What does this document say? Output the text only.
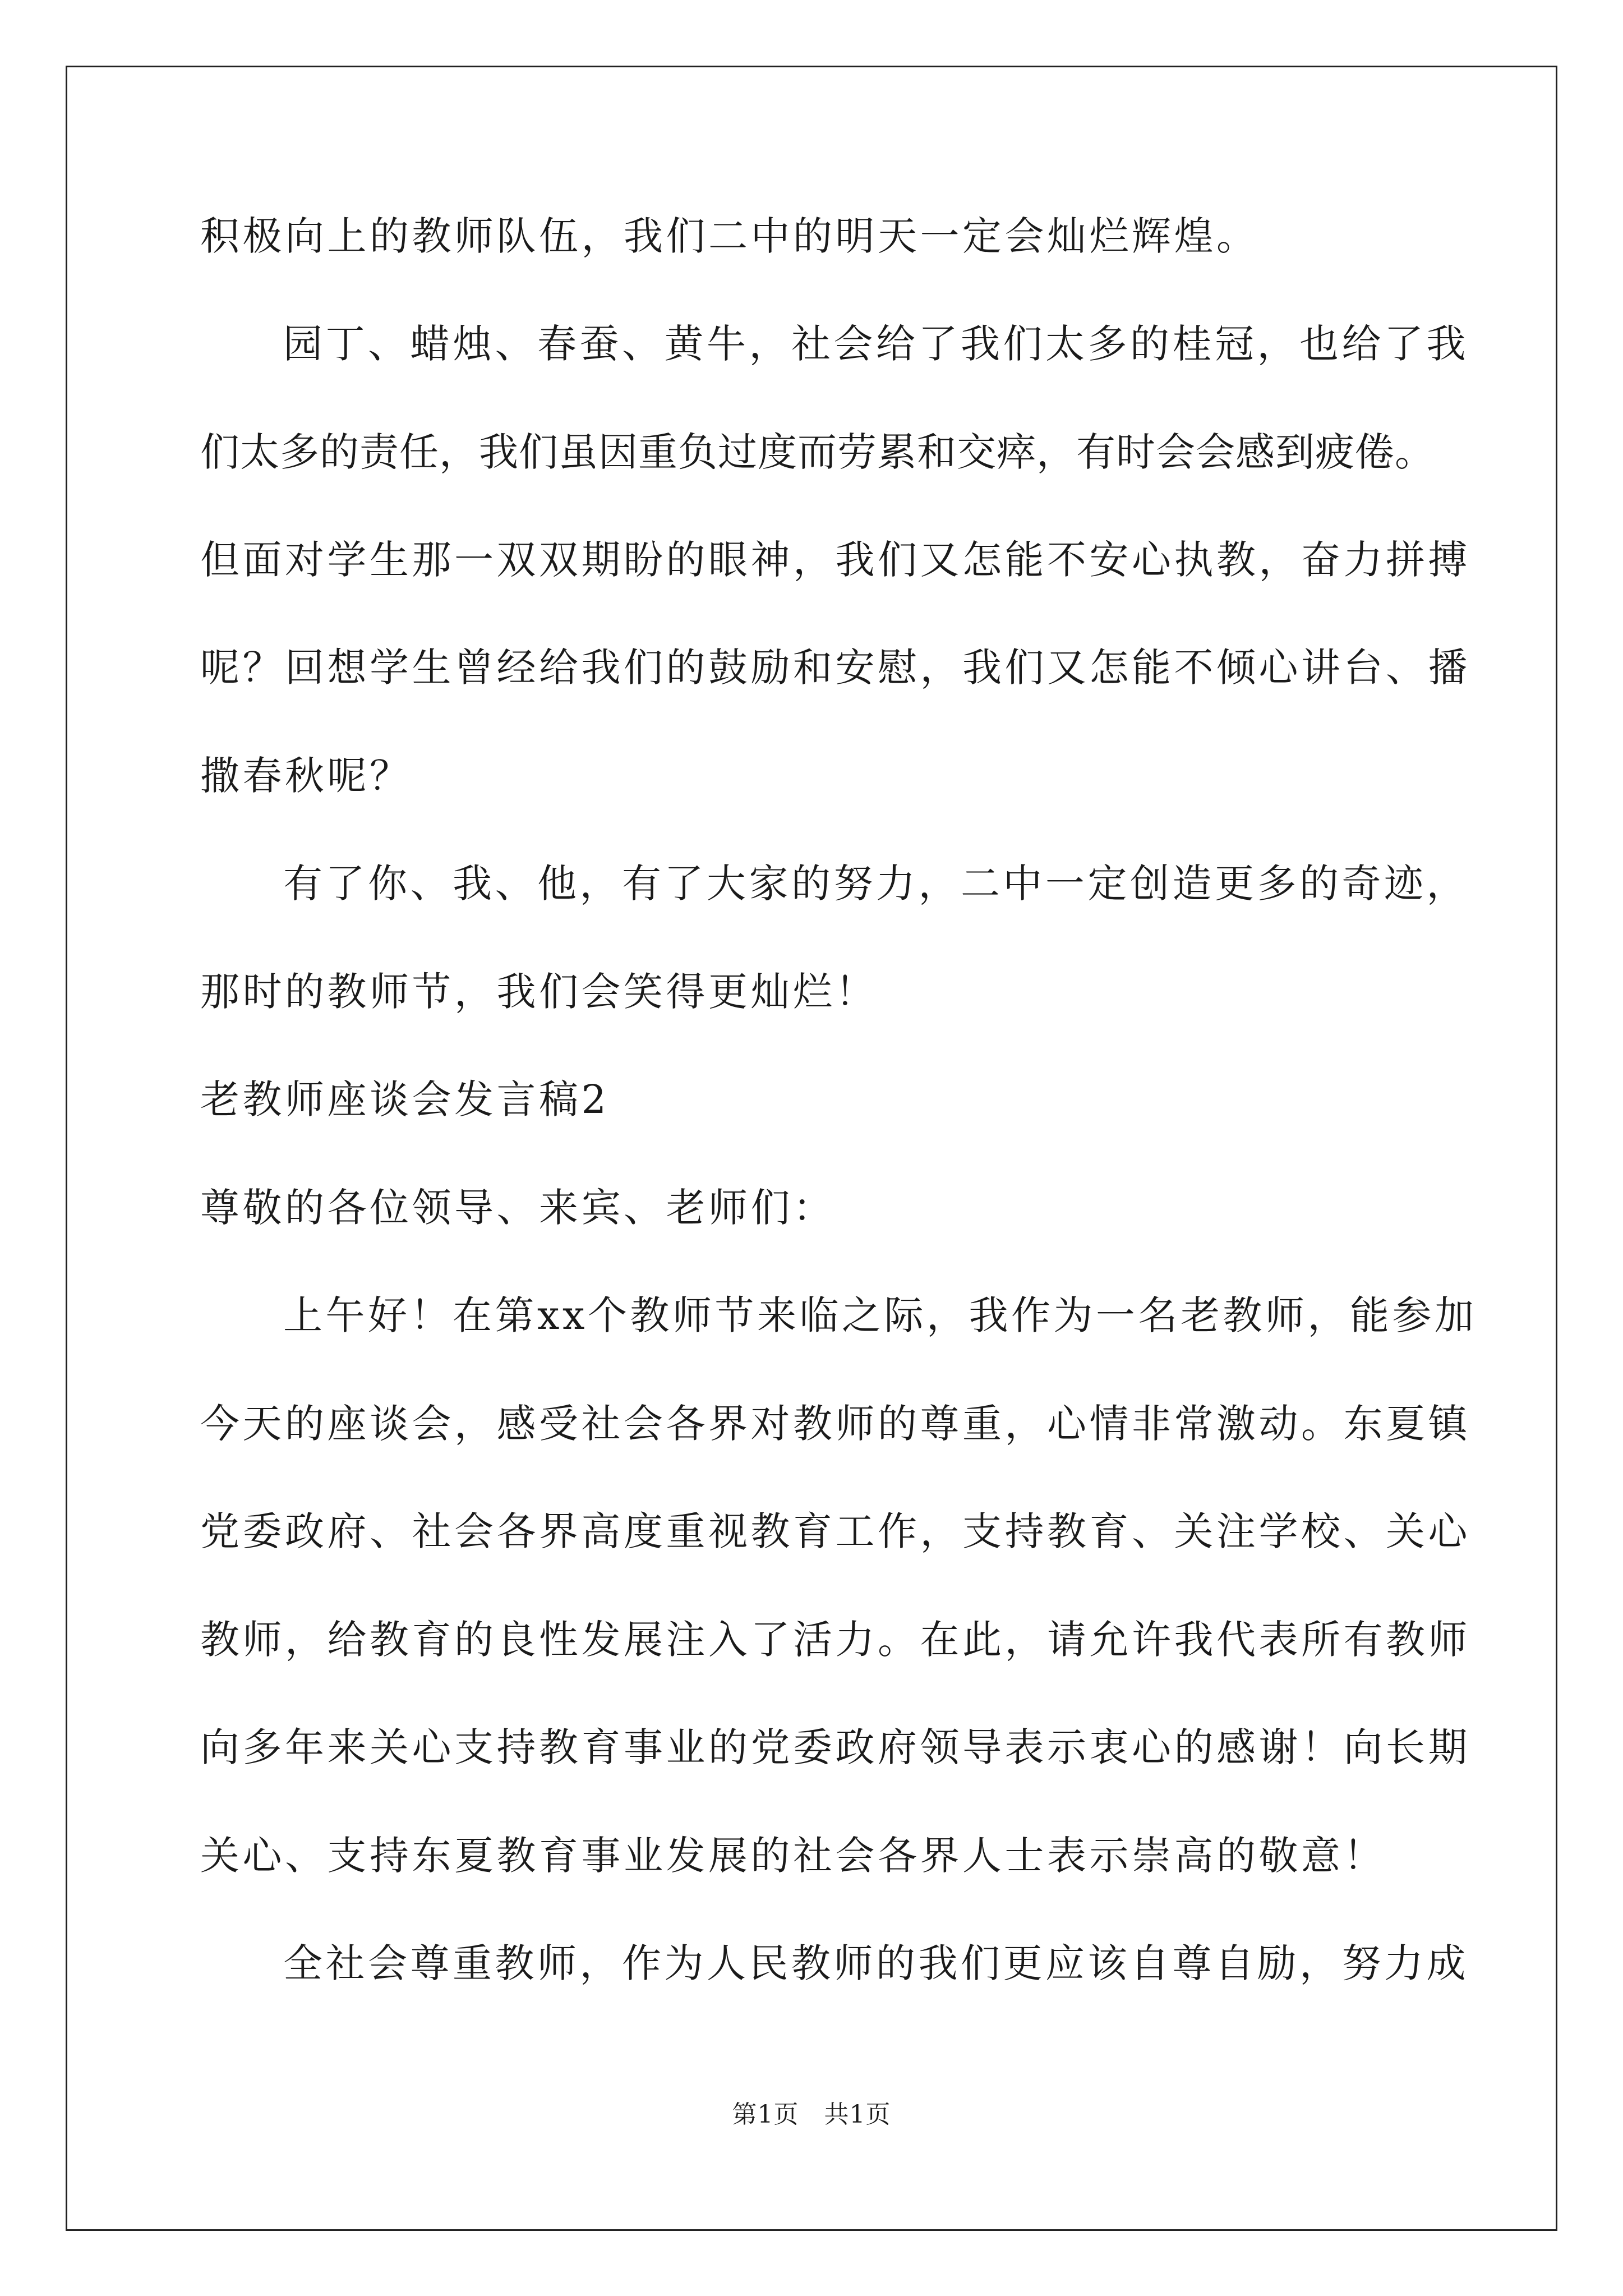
积极向上的教师队伍，我们二中的明天一定会灿烂辉煌。
园丁、蜡烛、春蚕、黄牛，社会给了我们太多的桂冠，也给了我
们太多的责任，我们虽因重负过度而劳累和交瘁，有时会会感到疲倦。
但面对学生那一双双期盼的眼神，我们又怎能不安心执教，奋力拼搏
呢？回想学生曾经给我们的鼓励和安慰，我们又怎能不倾心讲台、播
撒春秋呢？
有了你、我、他，有了大家的努力，二中一定创造更多的奇迹，
那时的教师节，我们会笑得更灿烂！
老教师座谈会发言稿2
尊敬的各位领导、来宾、老师们：
上午好！在第xx个教师节来临之际，我作为一名老教师，能参加
今天的座谈会，感受社会各界对教师的尊重，心情非常激动。东夏镇
党委政府、社会各界高度重视教育工作，支持教育、关注学校、关心
教师，给教育的良性发展注入了活力。在此，请允许我代表所有教师
向多年来关心支持教育事业的党委政府领导表示衷心的感谢！向长期
关心、支持东夏教育事业发展的社会各界人士表示崇高的敬意！
全社会尊重教师，作为人民教师的我们更应该自尊自励，努力成
第1页   共1页
